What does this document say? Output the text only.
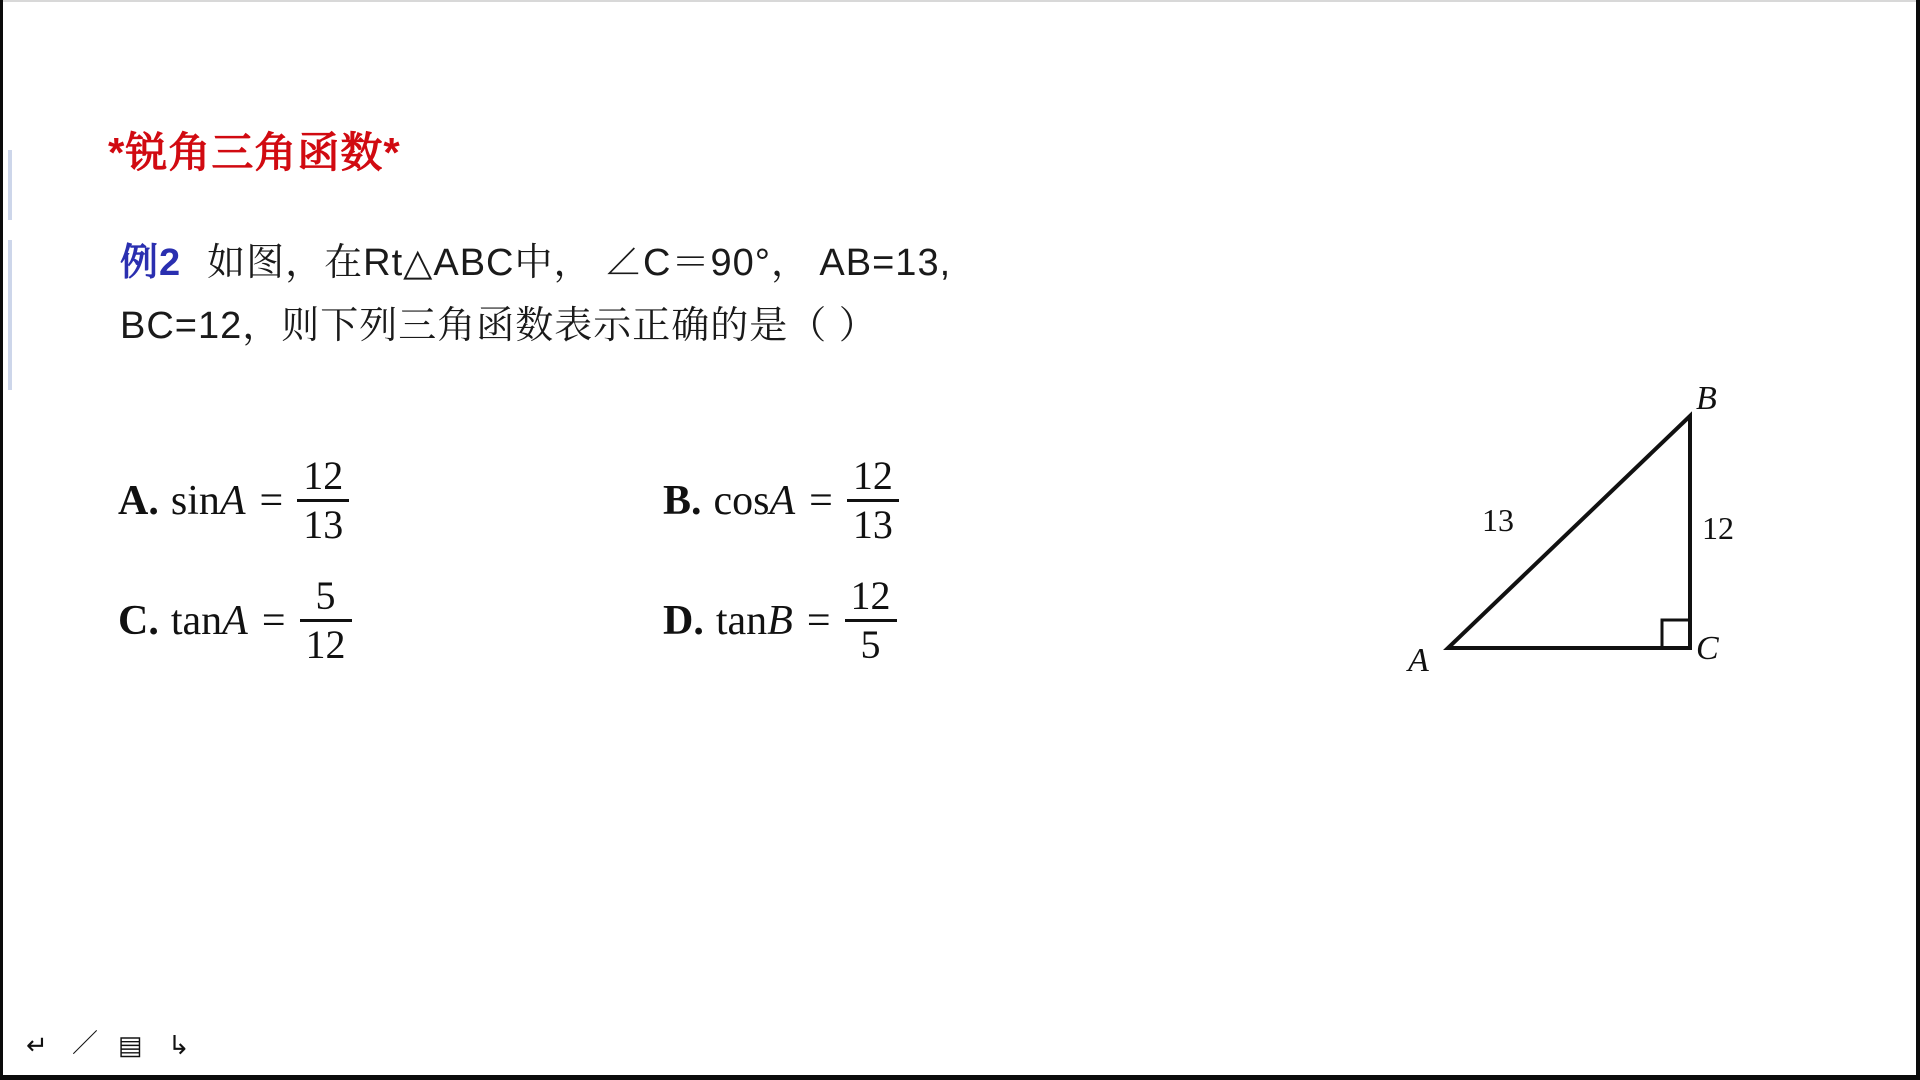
*锐角三角函数*
例2 如图，在Rt△ABC中， ∠C＝90°， AB=13,
BC=12，则下列三角函数表示正确的是（ ）
A. $\sin A = \frac{12}{13}$	B. $\cos A = \frac{12}{13}$
C. $\tan A = \frac{5}{12}$	D. $\tan B = \frac{12}{5}$
B
A	C
13	12
↵ ／ ▤ ↳
